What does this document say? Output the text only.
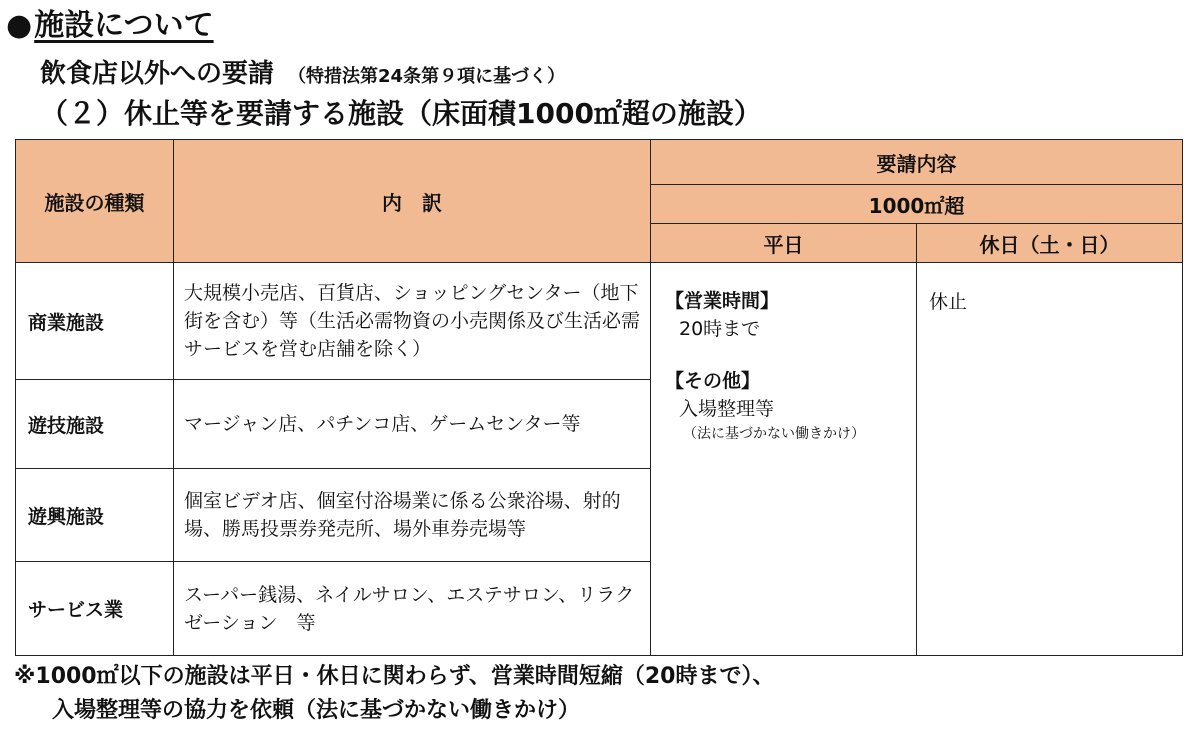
●施設について
飲食店以外への要請 （特措法第24条第９項に基づく）
（２）休止等を要請する施設（床面積1000㎡超の施設）
施設の種類	内　訳	要請内容	
		1000㎡超	
		平日	休日（土・日）
商業施設	大規模小売店、百貨店、ショッピングセンター（地下街を含む）等（生活必需物資の小売関係及び生活必需サービスを営む店舗を除く）	【営業時間】
20時まで
【その他】
入場整理等
（法に基づかない働きかけ）	休止
遊技施設	マージャン店、パチンコ店、ゲームセンター等		
遊興施設	個室ビデオ店、個室付浴場業に係る公衆浴場、射的場、勝馬投票券発売所、場外車券売場等		
サービス業	スーパー銭湯、ネイルサロン、エステサロン、リラクゼーション　等		
※1000㎡以下の施設は平日・休日に関わらず、営業時間短縮（20時まで）、
入場整理等の協力を依頼（法に基づかない働きかけ）
